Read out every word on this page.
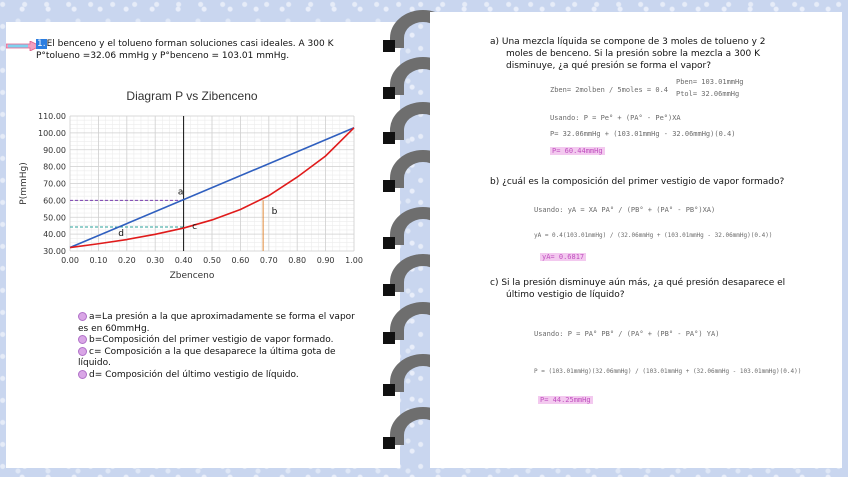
1.El benceno y el tolueno forman soluciones casi ideales. A 300 K
P°tolueno =32.06 mmHg y P°benceno = 103.01 mmHg.
Diagram P vs Zibenceno
30.00
40.00
50.00
60.00
70.00
80.00
90.00
100.00
110.00
0.00 0.10 0.20 0.30 0.40 0.50 0.60 0.70 0.80 0.90 1.00
Zbenceno
P(mmHg)	a
b
c
d
a=La presión a la que aproximadamente se forma el vapor es en 60mmHg.
b=Composición del primer vestigio de vapor formado.
c= Composición a la que desaparece la última gota de líquido.
d= Composición del último vestigio de líquido.
a) Una mezcla líquida se compone de 3 moles de tolueno y 2
moles de benceno. Si la presión sobre la mezcla a 300 K
disminuye, ¿a qué presión se forma el vapor?
Zben= 2molben / 5moles = 0.4
Pben= 103.01mmHg
Ptol= 32.06mmHg
Usando: P = Pe° + (PA° - Pe°)XA
P= 32.06mmHg + (103.01mmHg - 32.06mmHg)(0.4)
P= 60.44mmHg
b) ¿cuál es la composición del primer vestigio de vapor formado?
Usando: yA = XA PA° / (PB° + (PA° - PB°)XA)
yA = 0.4(103.01mmHg) / (32.06mmHg + (103.01mmHg - 32.06mmHg)(0.4))
yA= 0.6817
c) Si la presión disminuye aún más, ¿a qué presión desaparece el
último vestigio de líquido?
Usando: P = PA° PB° / (PA° + (PB° - PA°) YA)
P = (103.01mmHg)(32.06mmHg) / (103.01mmHg + (32.06mmHg - 103.01mmHg)(0.4))
P= 44.25mmHg
